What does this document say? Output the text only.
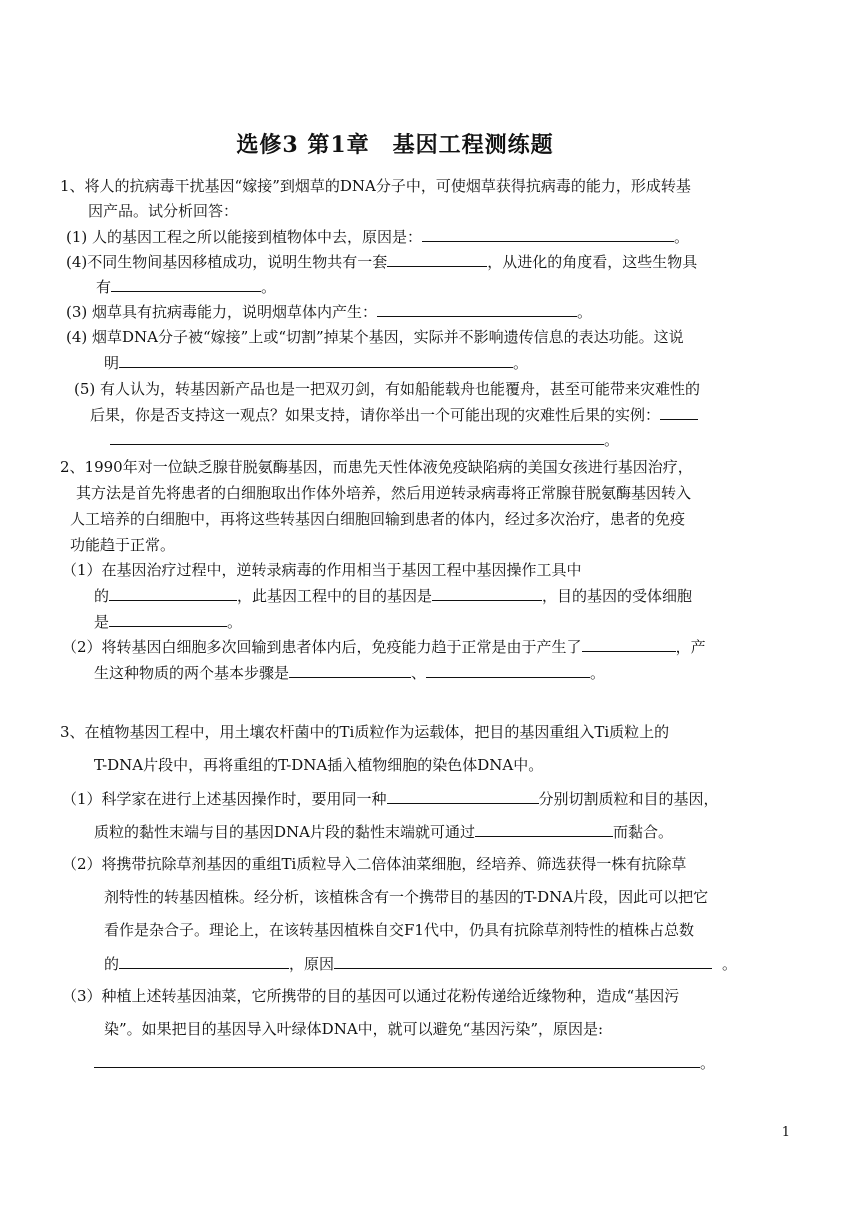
选修3 第1章　基因工程测练题
1、将人的抗病毒干扰基因“嫁接”到烟草的DNA分子中，可使烟草获得抗病毒的能力，形成转基
因产品。试分析回答：
(1) 人的基因工程之所以能接到植物体中去，原因是：	。
(4)不同生物间基因移植成功，说明生物共有一套	，从进化的角度看，这些生物具
有	。
(3) 烟草具有抗病毒能力，说明烟草体内产生：	。
(4) 烟草DNA分子被“嫁接”上或“切割”掉某个基因，实际并不影响遗传信息的表达功能。这说
明	。
(5) 有人认为，转基因新产品也是一把双刃剑，有如船能载舟也能覆舟，甚至可能带来灾难性的
后果，你是否支持这一观点？如果支持，请你举出一个可能出现的灾难性后果的实例：
。
2、1990年对一位缺乏腺苷脱氨酶基因，而患先天性体液免疫缺陷病的美国女孩进行基因治疗，
其方法是首先将患者的白细胞取出作体外培养，然后用逆转录病毒将正常腺苷脱氨酶基因转入
人工培养的白细胞中，再将这些转基因白细胞回输到患者的体内，经过多次治疗，患者的免疫
功能趋于正常。
（1）在基因治疗过程中，逆转录病毒的作用相当于基因工程中基因操作工具中
的	，此基因工程中的目的基因是	，目的基因的受体细胞
是	。
（2）将转基因白细胞多次回输到患者体内后，免疫能力趋于正常是由于产生了	，产
生这种物质的两个基本步骤是	、	。
3、在植物基因工程中，用土壤农杆菌中的Ti质粒作为运载体，把目的基因重组入Ti质粒上的
T-DNA片段中，再将重组的T-DNA插入植物细胞的染色体DNA中。
（1）科学家在进行上述基因操作时，要用同一种	分别切割质粒和目的基因，
质粒的黏性末端与目的基因DNA片段的黏性末端就可通过	而黏合。
（2）将携带抗除草剂基因的重组Ti质粒导入二倍体油菜细胞，经培养、筛选获得一株有抗除草
剂特性的转基因植株。经分析，该植株含有一个携带目的基因的T-DNA片段，因此可以把它
看作是杂合子。理论上，在该转基因植株自交F1代中，仍具有抗除草剂特性的植株占总数
的	，原因	。
（3）种植上述转基因油菜，它所携带的目的基因可以通过花粉传递给近缘物种，造成“基因污
染”。如果把目的基因导入叶绿体DNA中，就可以避免“基因污染”，原因是:
。
1
